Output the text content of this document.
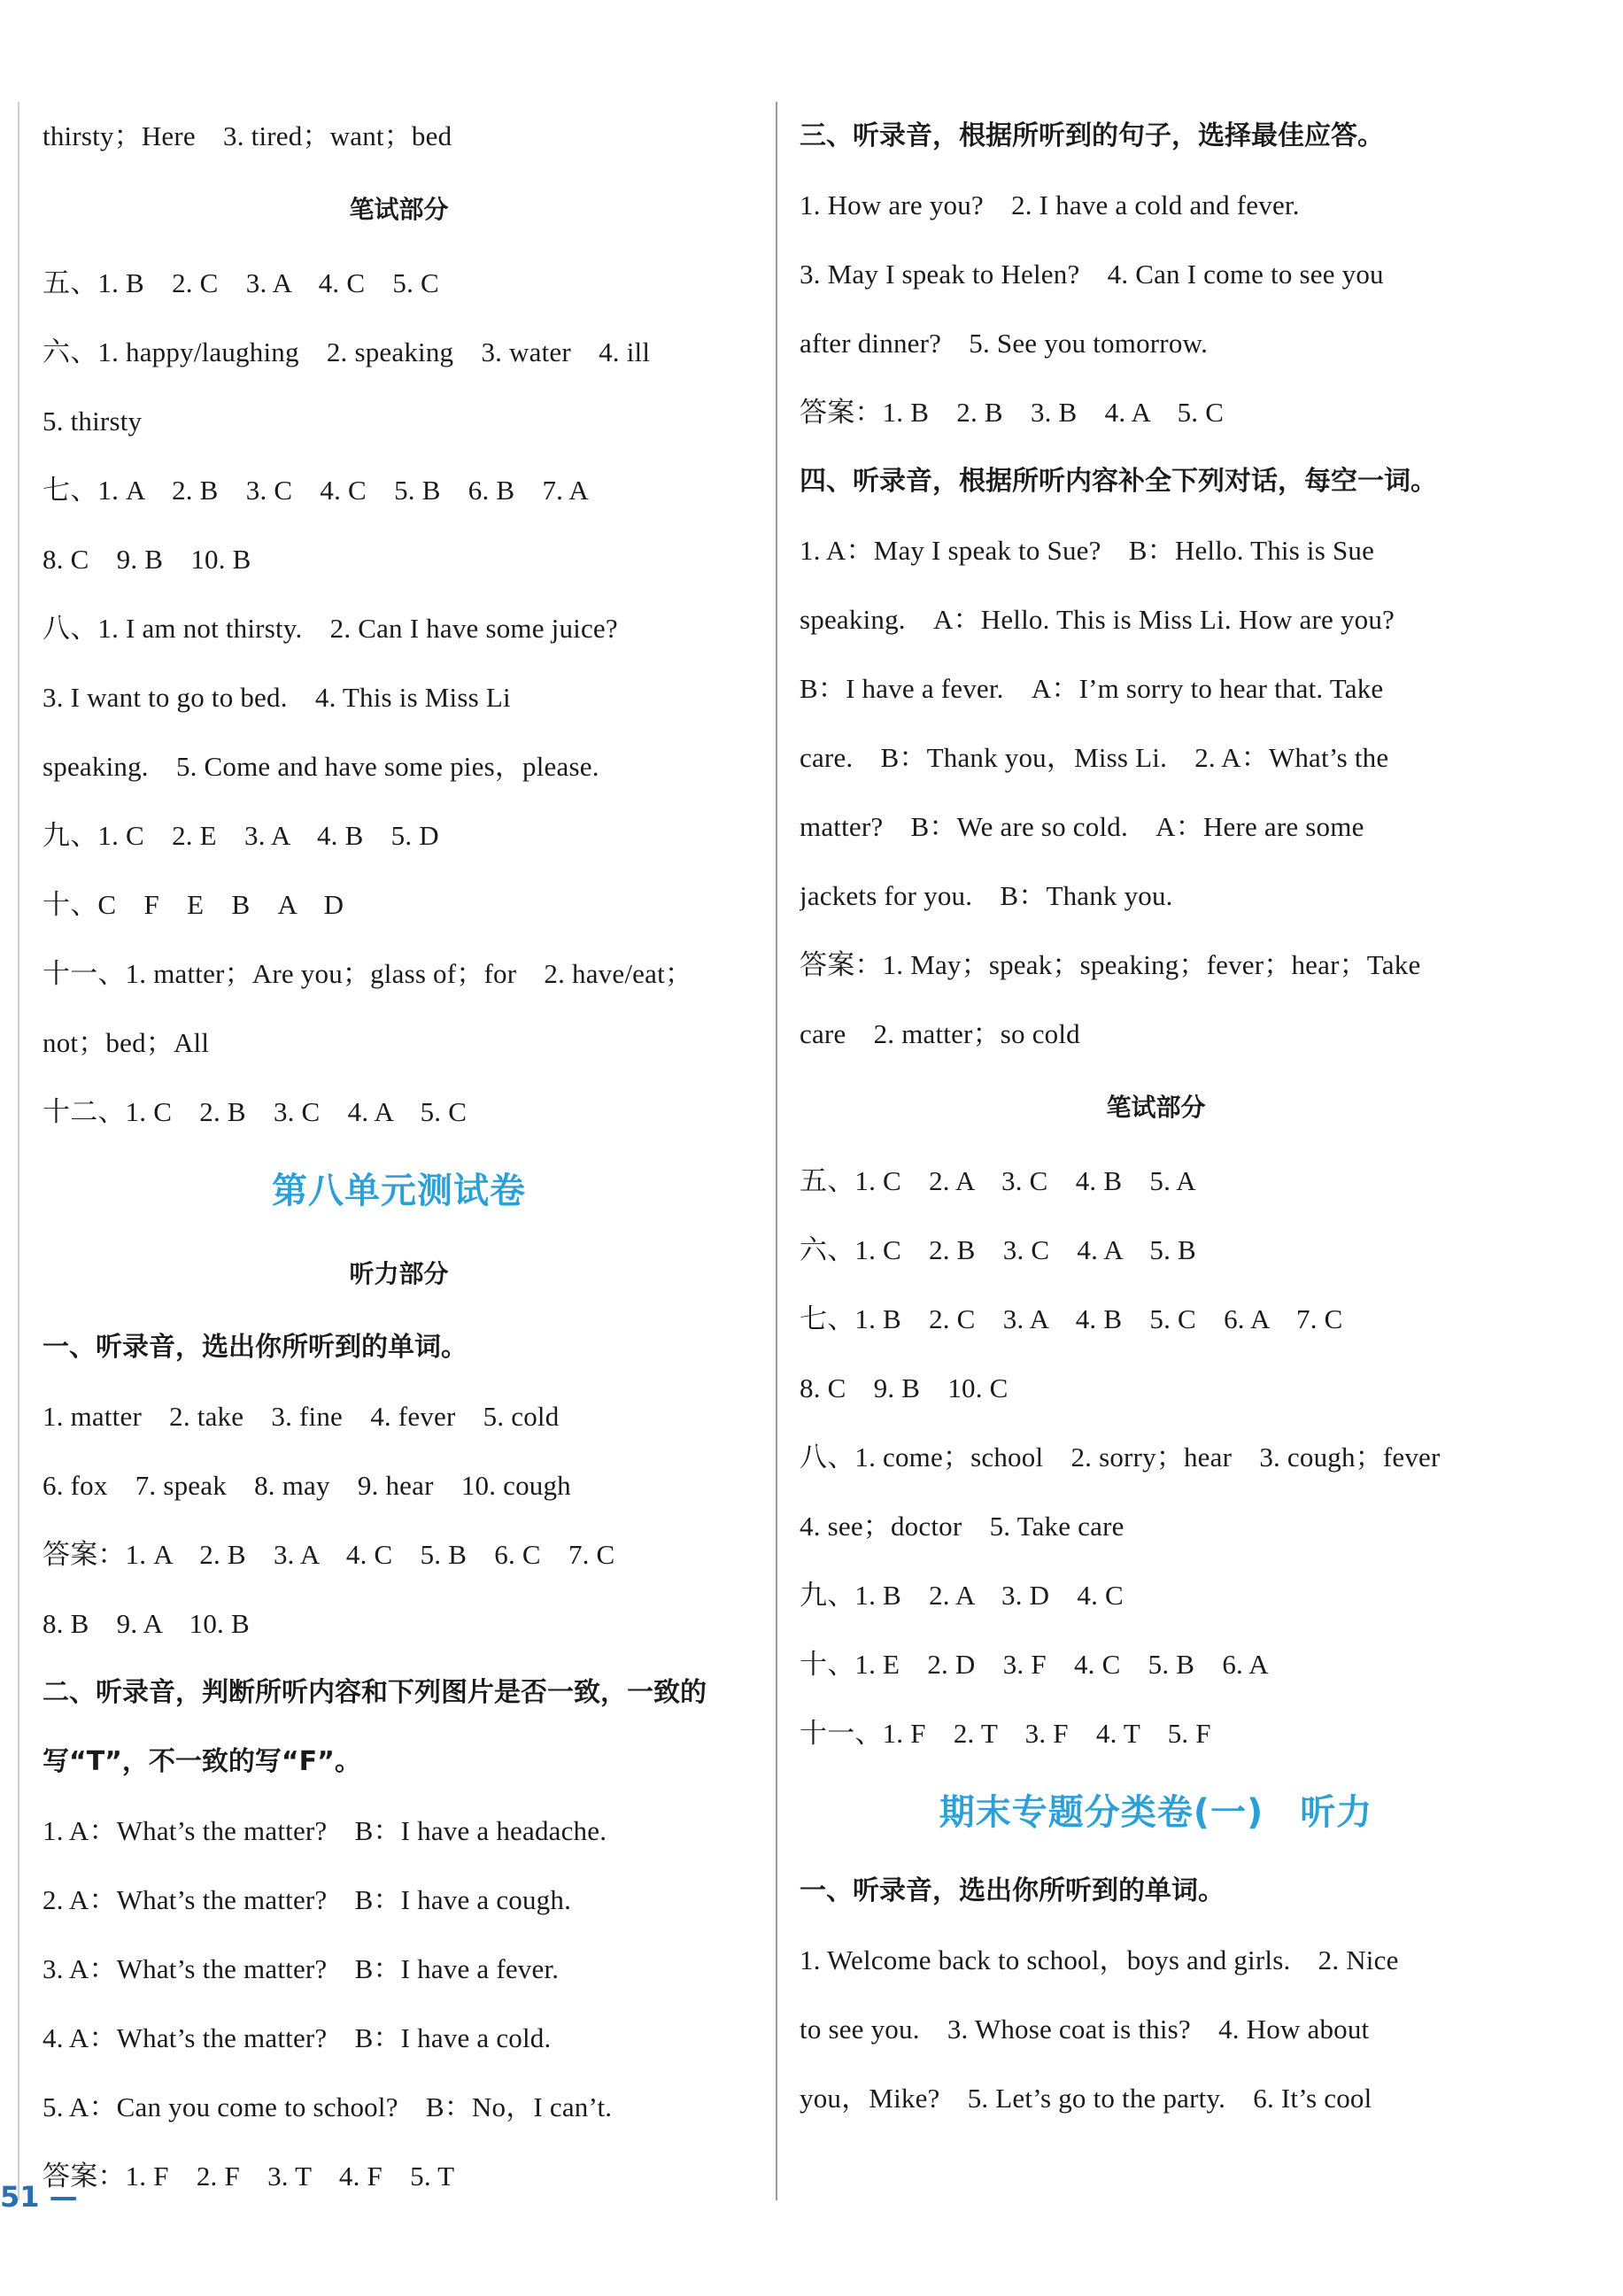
thirsty；Here　3. tired；want；bed
笔试部分
五、1. B　2. C　3. A　4. C　5. C
六、1. happy/laughing　2. speaking　3. water　4. ill
5. thirsty
七、1. A　2. B　3. C　4. C　5. B　6. B　7. A
8. C　9. B　10. B
八、1. I am not thirsty.　2. Can I have some juice?
3. I want to go to bed.　4. This is Miss Li
speaking.　5. Come and have some pies，please.
九、1. C　2. E　3. A　4. B　5. D
十、C　F　E　B　A　D
十一、1. matter；Are you；glass of；for　2. have/eat；
not；bed；All
十二、1. C　2. B　3. C　4. A　5. C
第八单元测试卷
听力部分
一、听录音，选出你所听到的单词。
1. matter　2. take　3. fine　4. fever　5. cold
6. fox　7. speak　8. may　9. hear　10. cough
答案：1. A　2. B　3. A　4. C　5. B　6. C　7. C
8. B　9. A　10. B
二、听录音，判断所听内容和下列图片是否一致，一致的
写“T”，不一致的写“F”。
1. A：What’s the matter?　B：I have a headache.
2. A：What’s the matter?　B：I have a cough.
3. A：What’s the matter?　B：I have a fever.
4. A：What’s the matter?　B：I have a cold.
5. A：Can you come to school?　B：No，I can’t.
答案：1. F　2. F　3. T　4. F　5. T
三、听录音，根据所听到的句子，选择最佳应答。
1. How are you?　2. I have a cold and fever.
3. May I speak to Helen?　4. Can I come to see you
after dinner?　5. See you tomorrow.
答案：1. B　2. B　3. B　4. A　5. C
四、听录音，根据所听内容补全下列对话，每空一词。
1. A：May I speak to Sue?　B：Hello. This is Sue
speaking.　A：Hello. This is Miss Li. How are you?
B：I have a fever.　A：I’m sorry to hear that. Take
care.　B：Thank you，Miss Li.　2. A：What’s the
matter?　B：We are so cold.　A：Here are some
jackets for you.　B：Thank you.
答案：1. May；speak；speaking；fever；hear；Take
care　2. matter；so cold
笔试部分
五、1. C　2. A　3. C　4. B　5. A
六、1. C　2. B　3. C　4. A　5. B
七、1. B　2. C　3. A　4. B　5. C　6. A　7. C
8. C　9. B　10. C
八、1. come；school　2. sorry；hear　3. cough；fever
4. see；doctor　5. Take care
九、1. B　2. A　3. D　4. C
十、1. E　2. D　3. F　4. C　5. B　6. A
十一、1. F　2. T　3. F　4. T　5. F
期末专题分类卷(一)　听力
一、听录音，选出你所听到的单词。
1. Welcome back to school，boys and girls.　2. Nice
to see you.　3. Whose coat is this?　4. How about
you，Mike?　5. Let’s go to the party.　6. It’s cool
51 —
